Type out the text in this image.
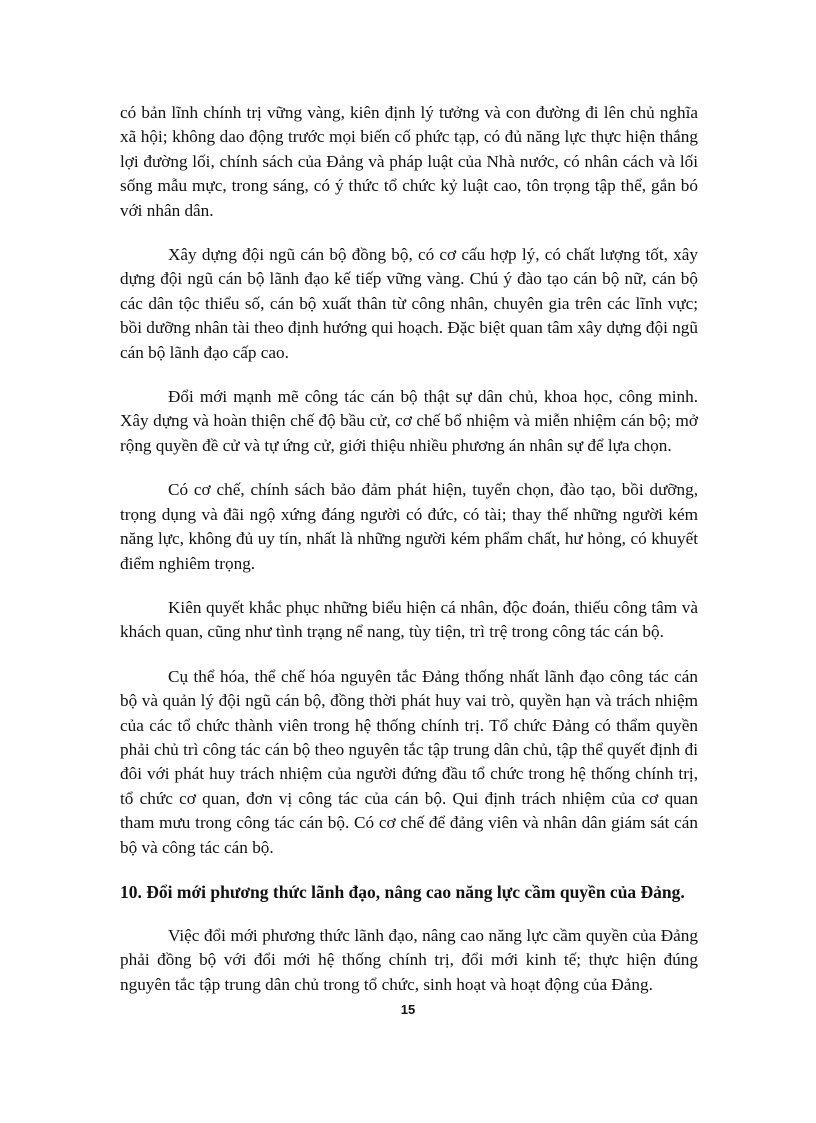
có bản lĩnh chính trị vững vàng, kiên định lý tưởng và con đường đi lên chủ nghĩa xã hội; không dao động trước mọi biến cố phức tạp, có đủ năng lực thực hiện thắng lợi đường lối, chính sách của Đảng và pháp luật của Nhà nước, có nhân cách và lối sống mẫu mực, trong sáng, có ý thức tổ chức kỷ luật cao, tôn trọng tập thể, gắn bó với nhân dân.

Xây dựng đội ngũ cán bộ đồng bộ, có cơ cấu hợp lý, có chất lượng tốt, xây dựng đội ngũ cán bộ lãnh đạo kế tiếp vững vàng. Chú ý đào tạo cán bộ nữ, cán bộ các dân tộc thiểu số, cán bộ xuất thân từ công nhân, chuyên gia trên các lĩnh vực; bồi dưỡng nhân tài theo định hướng qui hoạch. Đặc biệt quan tâm xây dựng đội ngũ cán bộ lãnh đạo cấp cao.

Đổi mới mạnh mẽ công tác cán bộ thật sự dân chủ, khoa học, công minh. Xây dựng và hoàn thiện chế độ bầu cử, cơ chế bổ nhiệm và miễn nhiệm cán bộ; mở rộng quyền đề cử và tự ứng cử, giới thiệu nhiều phương án nhân sự để lựa chọn.

Có cơ chế, chính sách bảo đảm phát hiện, tuyển chọn, đào tạo, bồi dưỡng, trọng dụng và đãi ngộ xứng đáng người có đức, có tài; thay thế những người kém năng lực, không đủ uy tín, nhất là những người kém phẩm chất, hư hỏng, có khuyết điểm nghiêm trọng.

Kiên quyết khắc phục những biểu hiện cá nhân, độc đoán, thiếu công tâm và khách quan, cũng như tình trạng nể nang, tùy tiện, trì trệ trong công tác cán bộ.

Cụ thể hóa, thể chế hóa nguyên tắc Đảng thống nhất lãnh đạo công tác cán bộ và quản lý đội ngũ cán bộ, đồng thời phát huy vai trò, quyền hạn và trách nhiệm của các tổ chức thành viên trong hệ thống chính trị. Tổ chức Đảng có thẩm quyền phải chủ trì công tác cán bộ theo nguyên tắc tập trung dân chủ, tập thể quyết định đi đôi với phát huy trách nhiệm của người đứng đầu tổ chức trong hệ thống chính trị, tổ chức cơ quan, đơn vị công tác của cán bộ. Qui định trách nhiệm của cơ quan tham mưu trong công tác cán bộ. Có cơ chế để đảng viên và nhân dân giám sát cán bộ và công tác cán bộ.

10. Đổi mới phương thức lãnh đạo, nâng cao năng lực cầm quyền của Đảng.

Việc đổi mới phương thức lãnh đạo, nâng cao năng lực cầm quyền của Đảng phải đồng bộ với đổi mới hệ thống chính trị, đổi mới kinh tế; thực hiện đúng nguyên tắc tập trung dân chủ trong tổ chức, sinh hoạt và hoạt động của Đảng.

15
